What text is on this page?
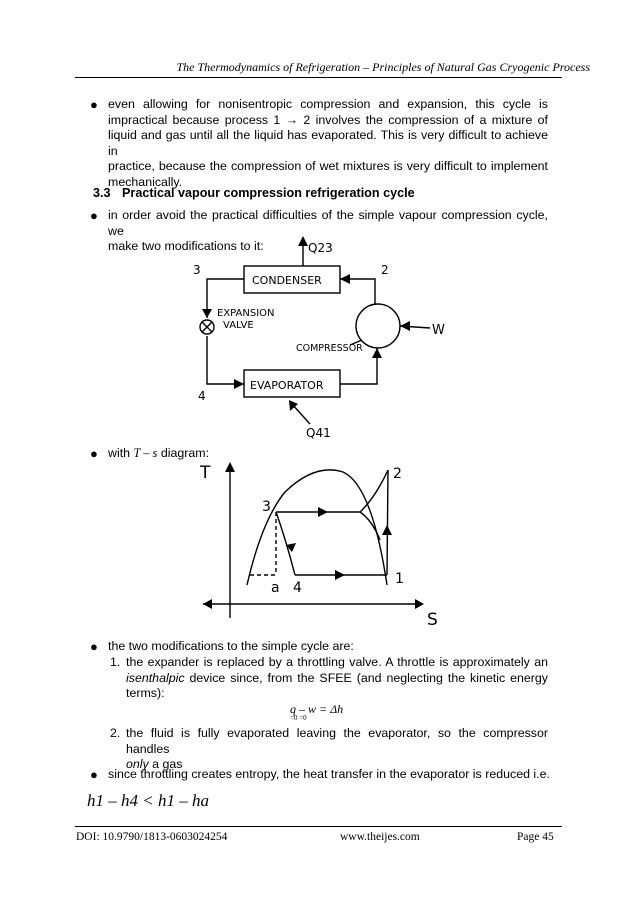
The Thermodynamics of Refrigeration – Principles of Natural Gas Cryogenic Process
● even allowing for nonisentropic compression and expansion, this cycle is
impractical because process 1 → 2 involves the compression of a mixture of
liquid and gas until all the liquid has evaporated. This is very difficult to achieve in
practice, because the compression of wet mixtures is very difficult to implement
mechanically.
3.3 Practical vapour compression refrigeration cycle
● in order avoid the practical difficulties of the simple vapour compression cycle, we
make two modifications to it:
CONDENSER
EVAPORATOR
EXPANSION
VALVE
COMPRESSOR
Q23
Q41
W
3	2
4
● with T – s diagram:
T
S
2
3
1
4
a
● the two modifications to the simple cycle are:
1. the expander is replaced by a throttling valve. A throttle is approximately an
isenthalpic device since, from the SFEE (and neglecting the kinetic energy
terms):
q – w = Δh
=0 =0
2. the fluid is fully evaporated leaving the evaporator, so the compressor handles
only a gas
● since throttling creates entropy, the heat transfer in the evaporator is reduced i.e.
h1 – h4 < h1 – ha
DOI: 10.9790/1813-0603024254	www.theijes.com	Page 45
